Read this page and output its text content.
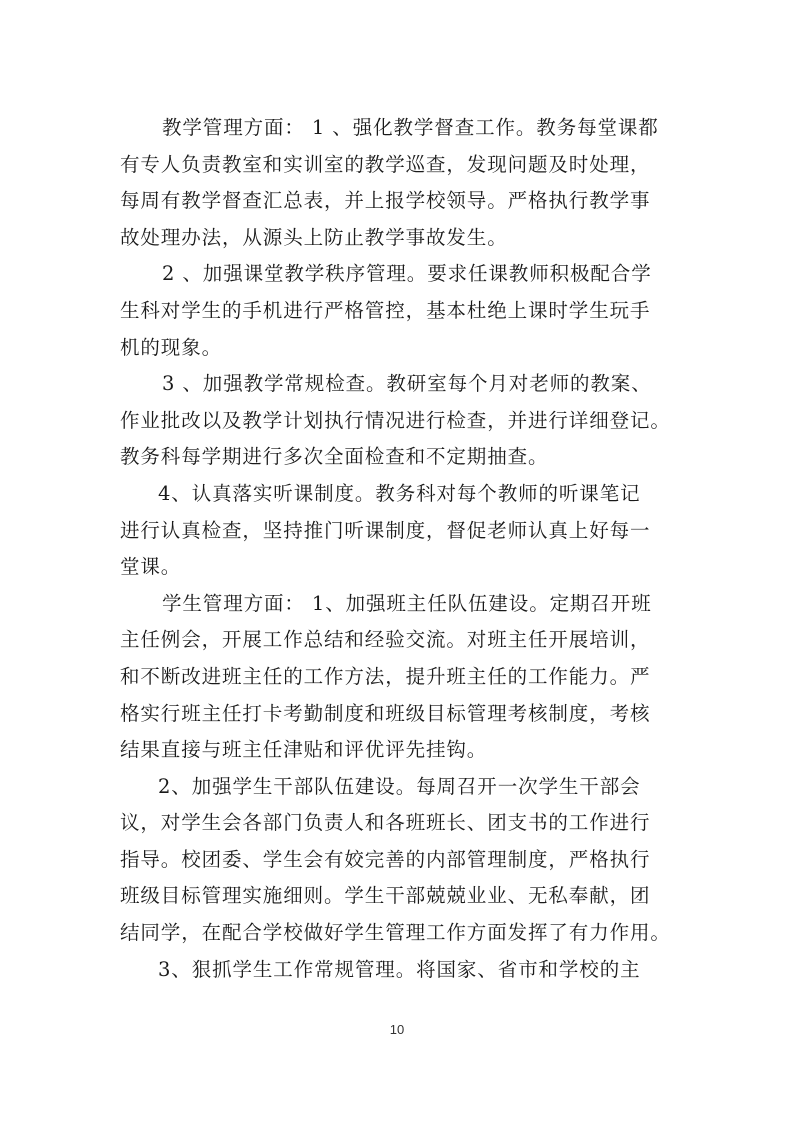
教学管理方面： 1 、强化教学督查工作。教务每堂课都
有专人负责教室和实训室的教学巡查，发现问题及时处理，
每周有教学督查汇总表，并上报学校领导。严格执行教学事
故处理办法，从源头上防止教学事故发生。
2 、加强课堂教学秩序管理。要求任课教师积极配合学
生科对学生的手机进行严格管控，基本杜绝上课时学生玩手
机的现象。
3 、加强教学常规检查。教研室每个月对老师的教案、
作业批改以及教学计划执行情况进行检查，并进行详细登记。
教务科每学期进行多次全面检查和不定期抽查。
4、认真落实听课制度。教务科对每个教师的听课笔记
进行认真检查，坚持推门听课制度，督促老师认真上好每一
堂课。
学生管理方面： 1、加强班主任队伍建设。定期召开班
主任例会，开展工作总结和经验交流。对班主任开展培训，
和不断改进班主任的工作方法，提升班主任的工作能力。严
格实行班主任打卡考勤制度和班级目标管理考核制度，考核
结果直接与班主任津贴和评优评先挂钩。
2、加强学生干部队伍建设。每周召开一次学生干部会
议，对学生会各部门负责人和各班班长、团支书的工作进行
指导。校团委、学生会有姣完善的内部管理制度，严格执行
班级目标管理实施细则。学生干部兢兢业业、无私奉献，团
结同学，在配合学校做好学生管理工作方面发挥了有力作用。
3、狠抓学生工作常规管理。将国家、省市和学校的主
10
